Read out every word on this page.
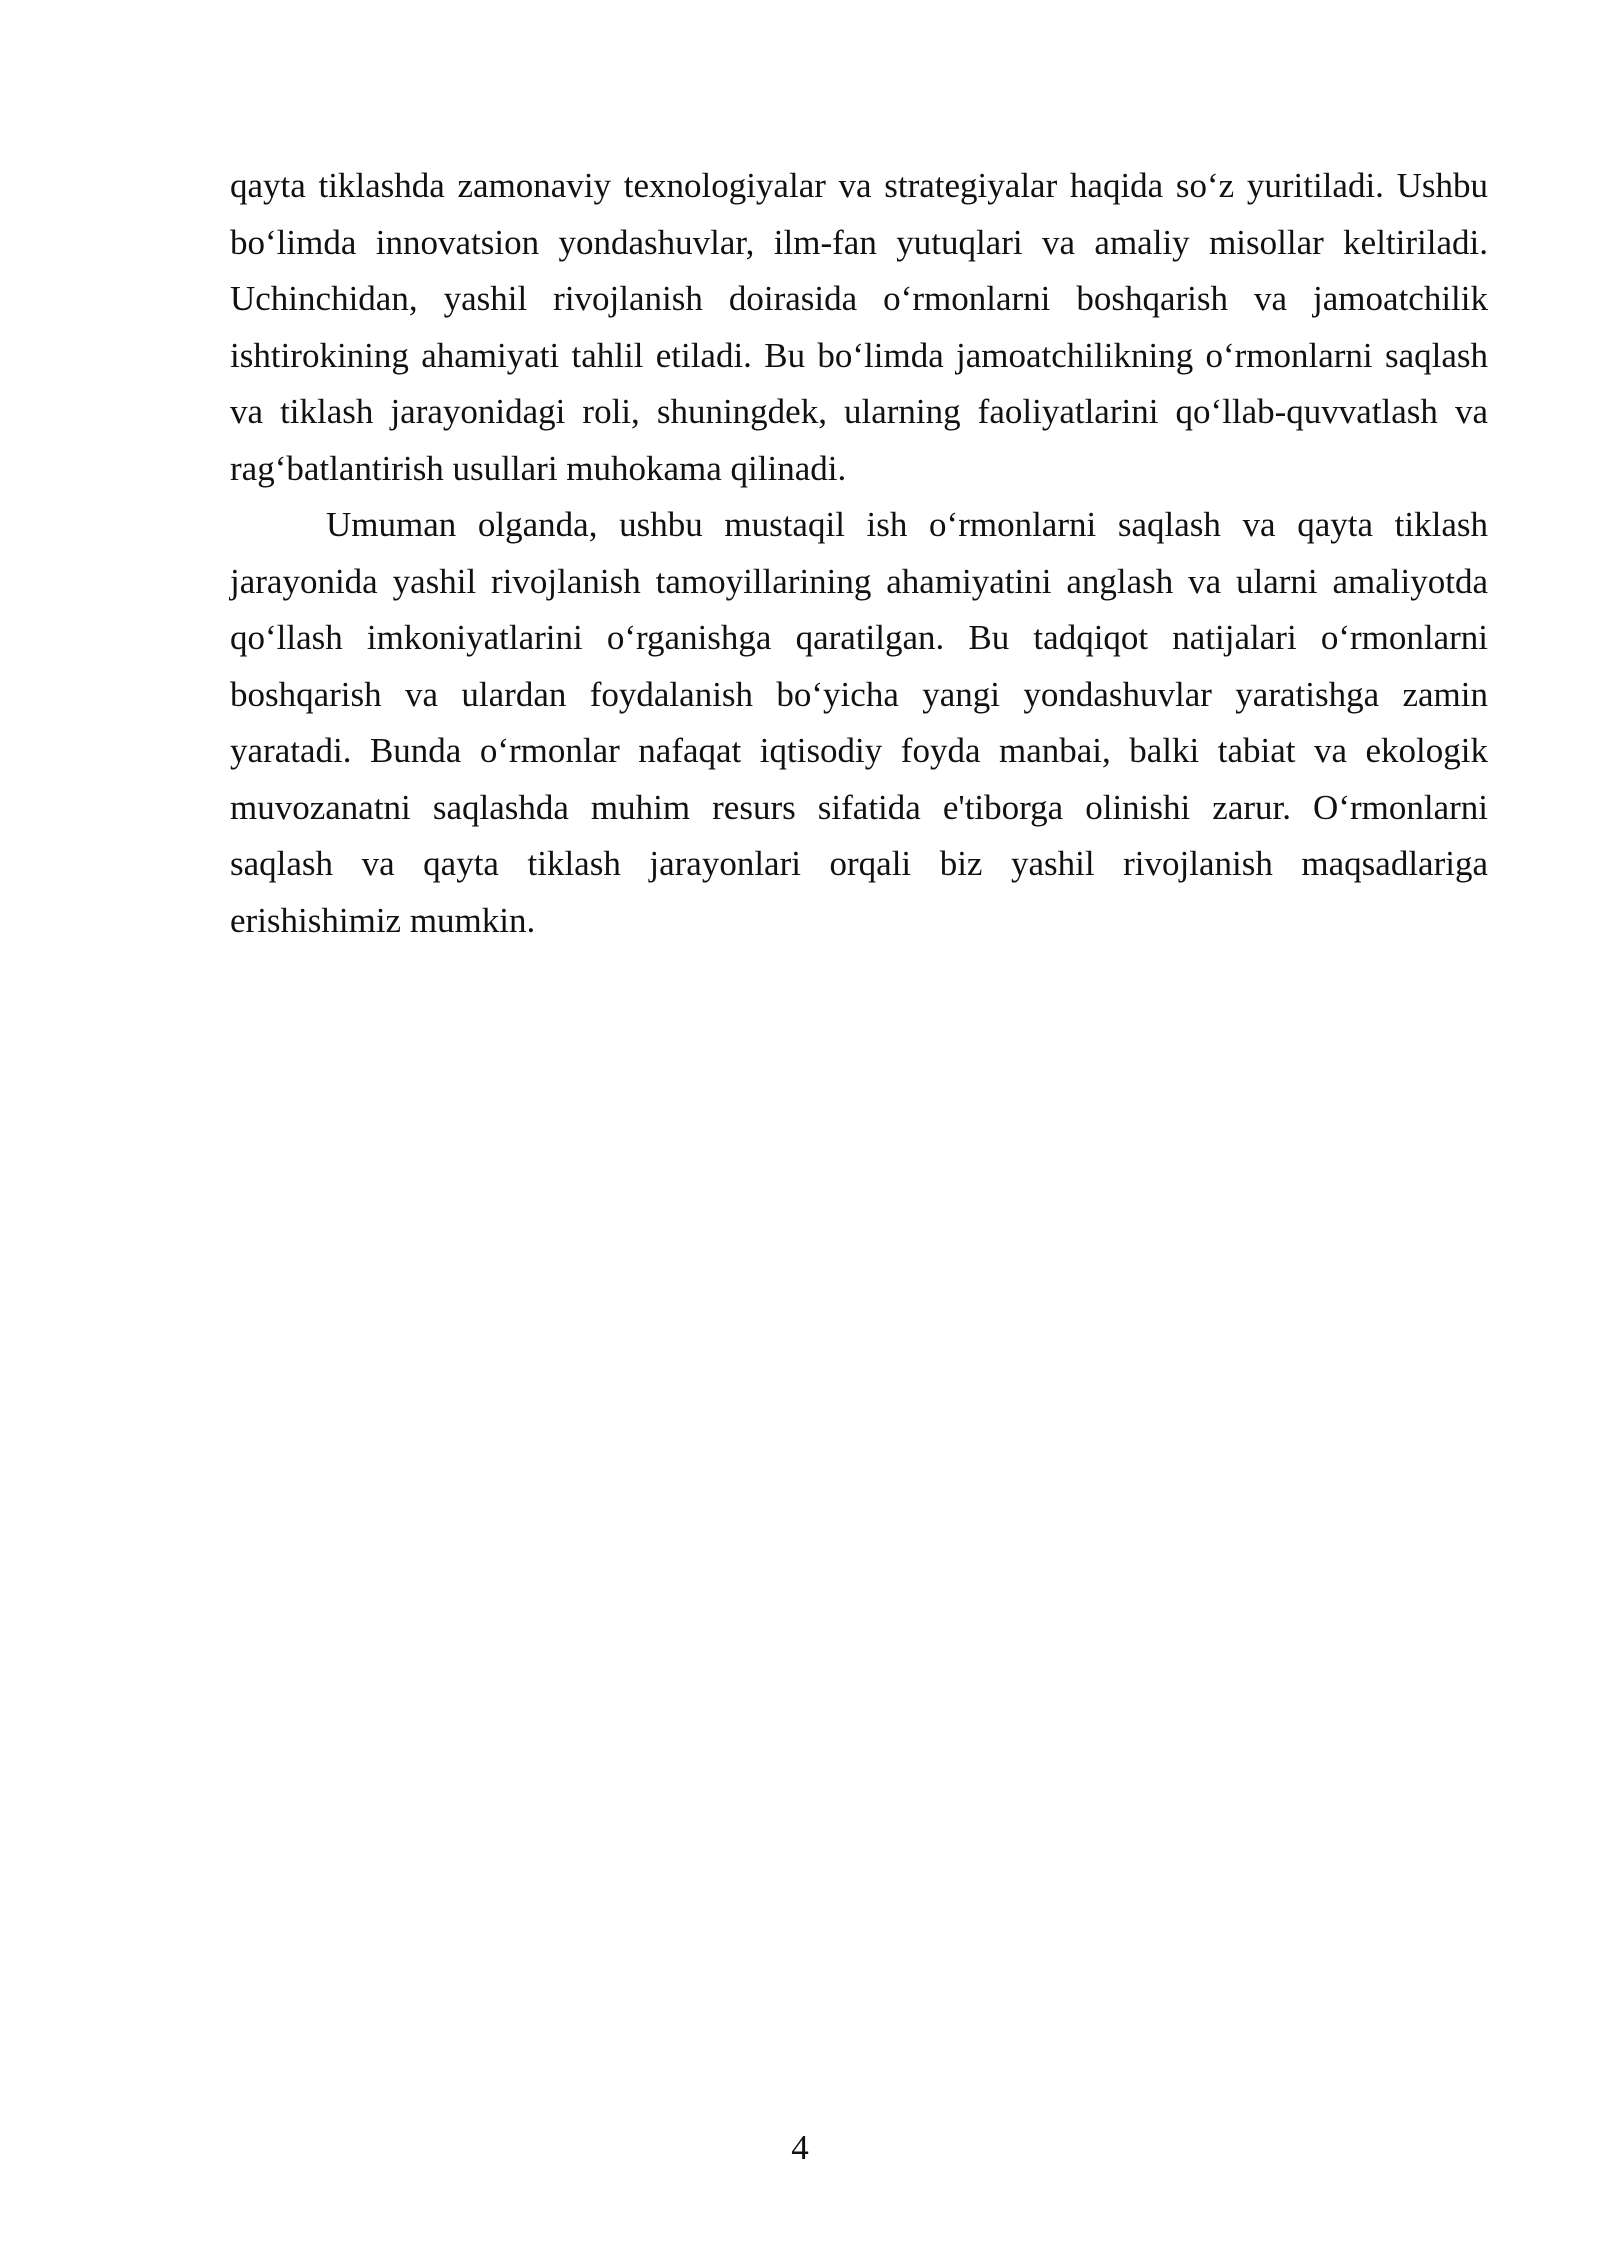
qayta tiklashda zamonaviy texnologiyalar va strategiyalar haqida so‘z yuritiladi. Ushbu bo‘limda innovatsion yondashuvlar, ilm-fan yutuqlari va amaliy misollar keltiriladi. Uchinchidan, yashil rivojlanish doirasida o‘rmonlarni boshqarish va jamoatchilik ishtirokining ahamiyati tahlil etiladi. Bu bo‘limda jamoatchilikning o‘rmonlarni saqlash va tiklash jarayonidagi roli, shuningdek, ularning faoliyatlarini qo‘llab-quvvatlash va rag‘batlantirish usullari muhokama qilinadi.

Umuman olganda, ushbu mustaqil ish o‘rmonlarni saqlash va qayta tiklash jarayonida yashil rivojlanish tamoyillarining ahamiyatini anglash va ularni amaliyotda qo‘llash imkoniyatlarini o‘rganishga qaratilgan. Bu tadqiqot natijalari o‘rmonlarni boshqarish va ulardan foydalanish bo‘yicha yangi yondashuvlar yaratishga zamin yaratadi. Bunda o‘rmonlar nafaqat iqtisodiy foyda manbai, balki tabiat va ekologik muvozanatni saqlashda muhim resurs sifatida e'tiborga olinishi zarur. O‘rmonlarni saqlash va qayta tiklash jarayonlari orqali biz yashil rivojlanish maqsadlariga erishishimiz mumkin.

4
